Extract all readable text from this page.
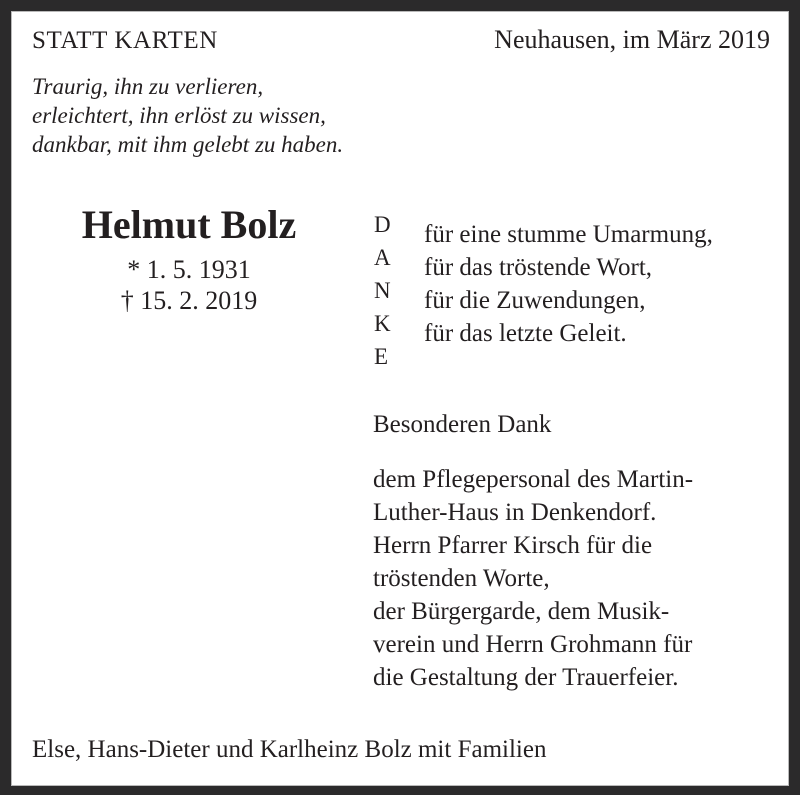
STATT KARTEN	Neuhausen, im März 2019
Traurig, ihn zu verlieren,
erleichtert, ihn erlöst zu wissen,
dankbar, mit ihm gelebt zu haben.
Helmut Bolz
* 1. 5. 1931
† 15. 2. 2019
D
A
N
K
E
für eine stumme Umarmung,
für das tröstende Wort,
für die Zuwendungen,
für das letzte Geleit.
Besonderen Dank
dem Pflegepersonal des Martin-
Luther-Haus in Denkendorf.
Herrn Pfarrer Kirsch für die
tröstenden Worte,
der Bürgergarde, dem Musik-
verein und Herrn Grohmann für
die Gestaltung der Trauerfeier.
Else, Hans-Dieter und Karlheinz Bolz mit Familien
